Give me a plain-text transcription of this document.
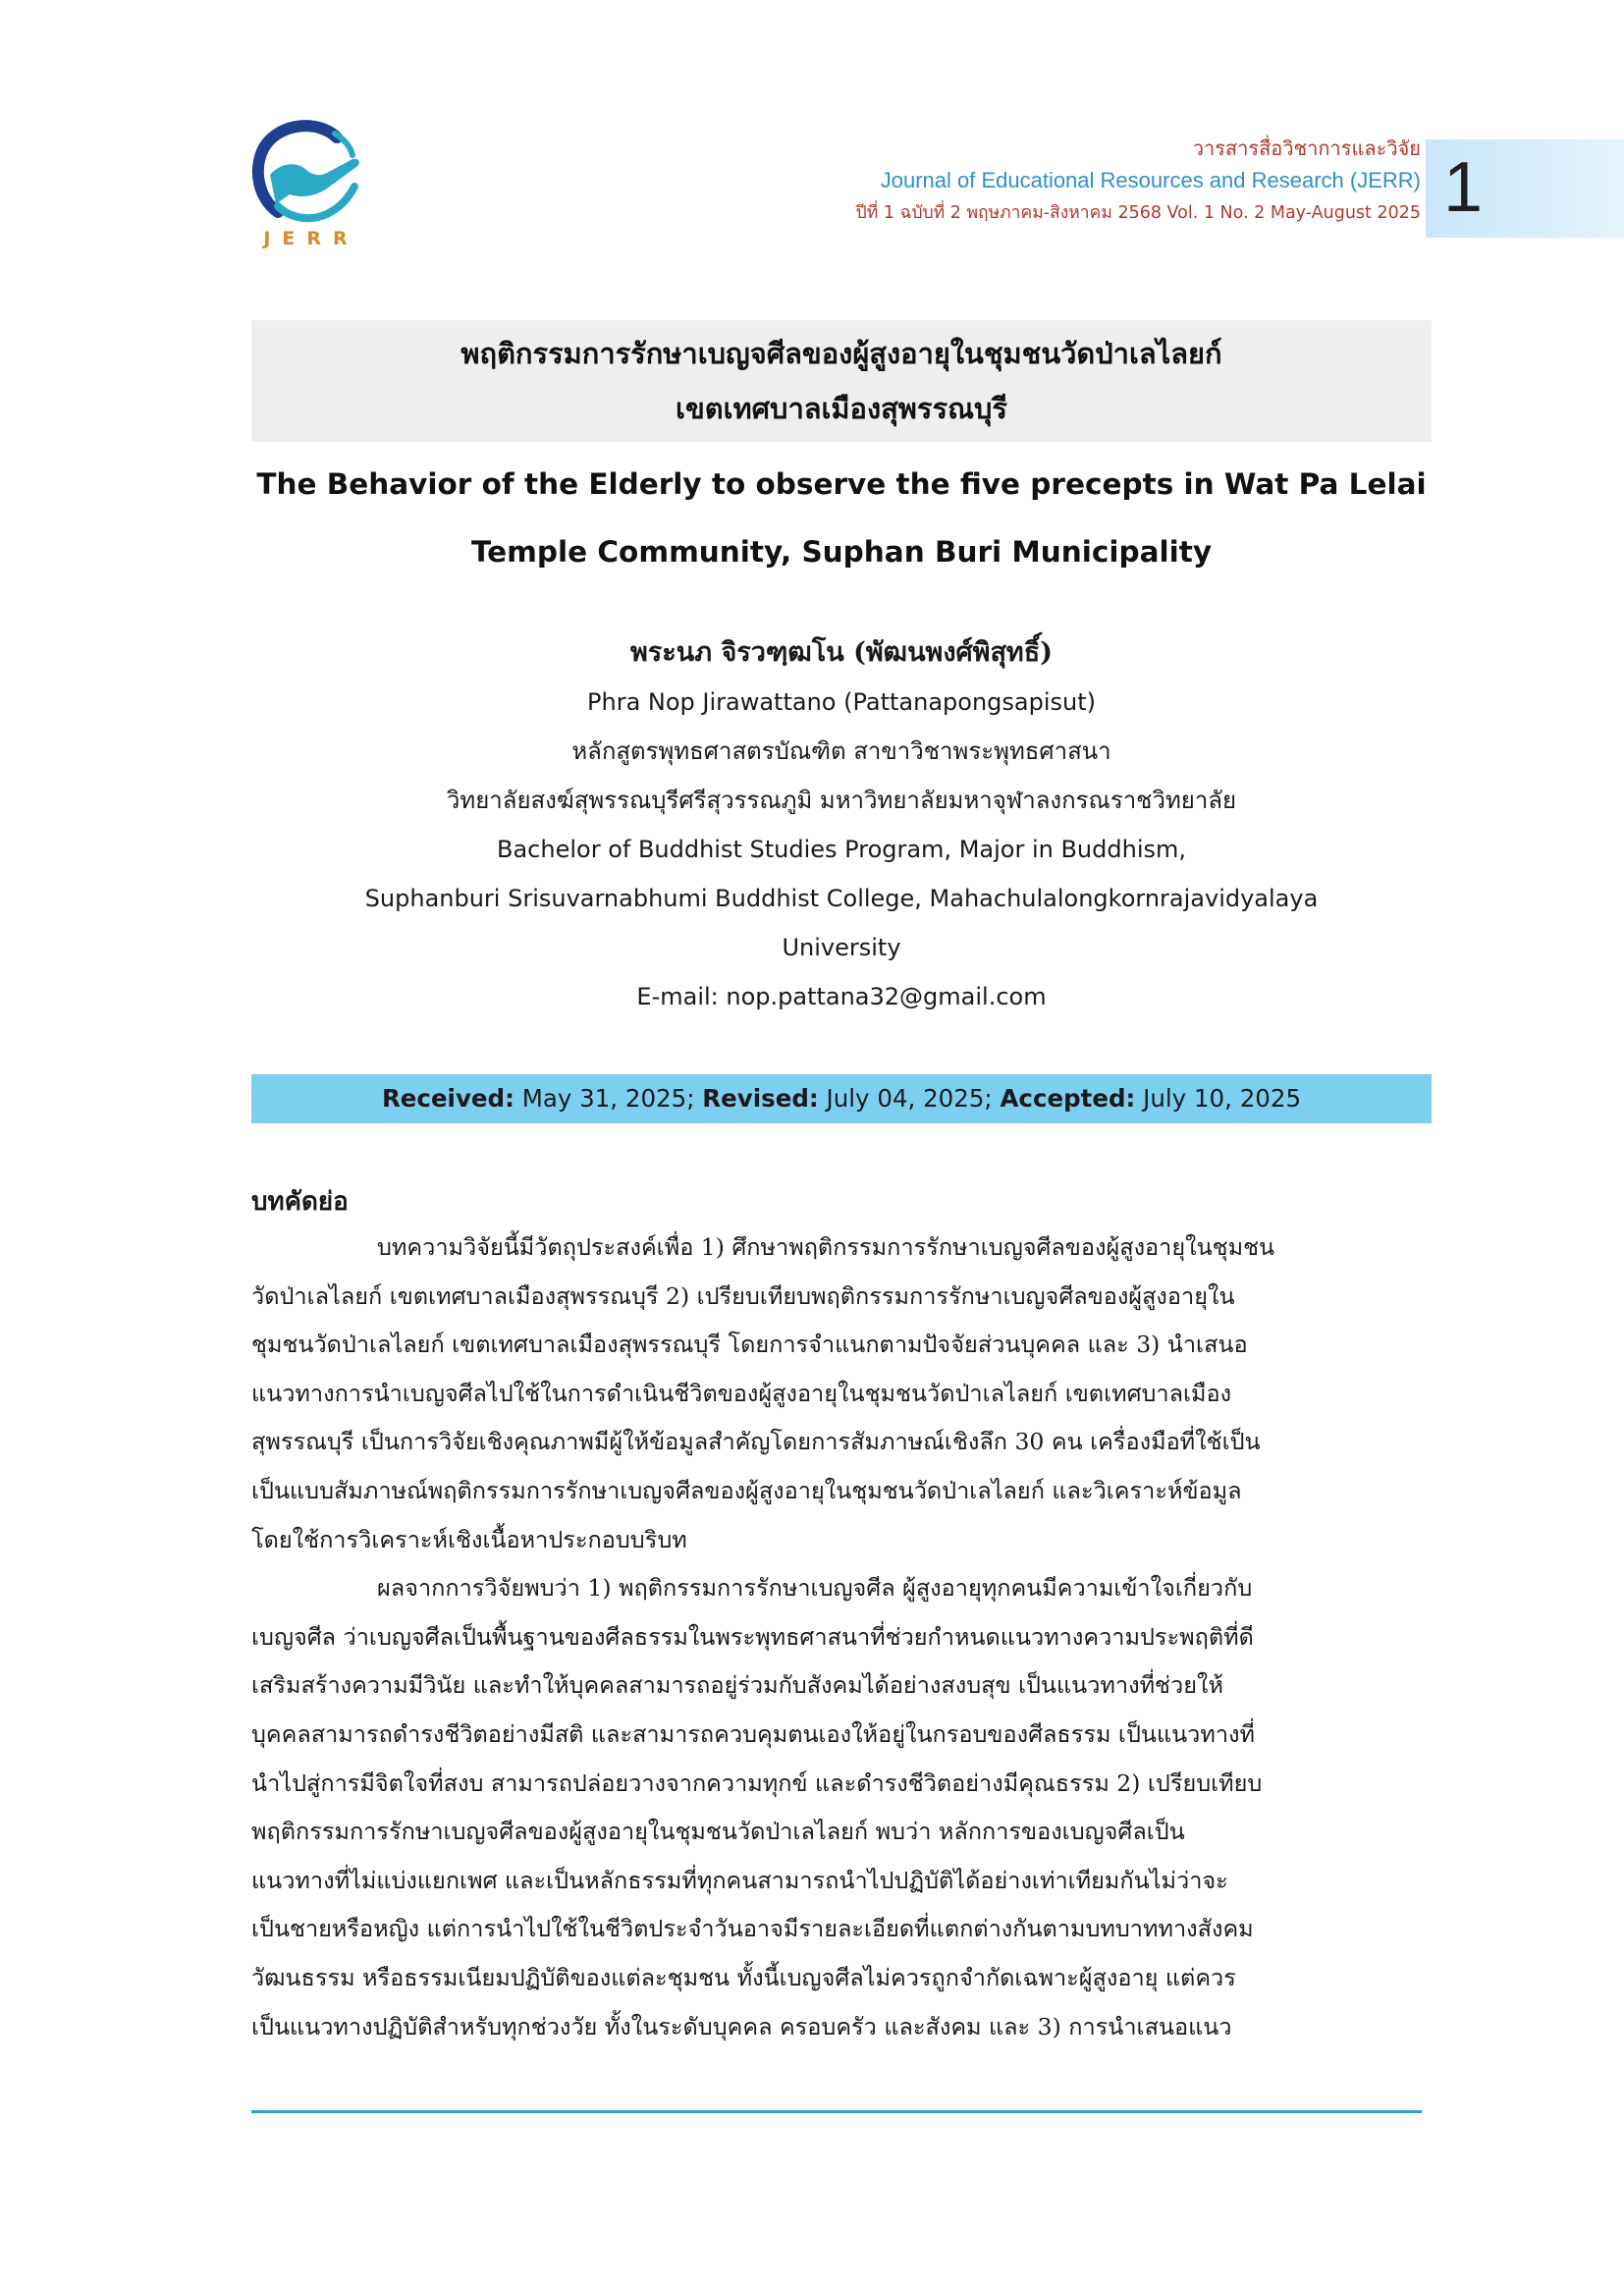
JERR
วารสารสื่อวิชาการและวิจัย
Journal of Educational Resources and Research (JERR)
ปีที่ 1 ฉบับที่ 2 พฤษภาคม-สิงหาคม 2568 Vol. 1 No. 2 May-August 2025 1
พฤติกรรมการรักษาเบญจศีลของผู้สูงอายุในชุมชนวัดป่าเลไลยก์
เขตเทศบาลเมืองสุพรรณบุรี
The Behavior of the Elderly to observe the five precepts in Wat Pa Lelai
Temple Community, Suphan Buri Municipality
พระนภ จิรวฑฺฒโน (พัฒนพงศ์พิสุทธิ์)
Phra Nop Jirawattano (Pattanapongsapisut)
หลักสูตรพุทธศาสตรบัณฑิต สาขาวิชาพระพุทธศาสนา
วิทยาลัยสงฆ์สุพรรณบุรีศรีสุวรรณภูมิ มหาวิทยาลัยมหาจุฬาลงกรณราชวิทยาลัย
Bachelor of Buddhist Studies Program, Major in Buddhism,
Suphanburi Srisuvarnabhumi Buddhist College, Mahachulalongkornrajavidyalaya
University
E-mail: nop.pattana32@gmail.com
Received: May 31, 2025; Revised: July 04, 2025; Accepted: July 10, 2025
บทคัดย่อ
บทความวิจัยนี้มีวัตถุประสงค์เพื่อ 1) ศึกษาพฤติกรรมการรักษาเบญจศีลของผู้สูงอายุในชุมชน
วัดป่าเลไลยก์ เขตเทศบาลเมืองสุพรรณบุรี 2) เปรียบเทียบพฤติกรรมการรักษาเบญจศีลของผู้สูงอายุใน
ชุมชนวัดป่าเลไลยก์ เขตเทศบาลเมืองสุพรรณบุรี โดยการจำแนกตามปัจจัยส่วนบุคคล และ 3) นำเสนอ
แนวทางการนำเบญจศีลไปใช้ในการดำเนินชีวิตของผู้สูงอายุในชุมชนวัดป่าเลไลยก์ เขตเทศบาลเมือง
สุพรรณบุรี เป็นการวิจัยเชิงคุณภาพมีผู้ให้ข้อมูลสำคัญโดยการสัมภาษณ์เชิงลึก 30 คน เครื่องมือที่ใช้เป็น
เป็นแบบสัมภาษณ์พฤติกรรมการรักษาเบญจศีลของผู้สูงอายุในชุมชนวัดป่าเลไลยก์ และวิเคราะห์ข้อมูล
โดยใช้การวิเคราะห์เชิงเนื้อหาประกอบบริบท
ผลจากการวิจัยพบว่า 1) พฤติกรรมการรักษาเบญจศีล ผู้สูงอายุทุกคนมีความเข้าใจเกี่ยวกับ
เบญจศีล ว่าเบญจศีลเป็นพื้นฐานของศีลธรรมในพระพุทธศาสนาที่ช่วยกำหนดแนวทางความประพฤติที่ดี
เสริมสร้างความมีวินัย และทำให้บุคคลสามารถอยู่ร่วมกับสังคมได้อย่างสงบสุข เป็นแนวทางที่ช่วยให้
บุคคลสามารถดำรงชีวิตอย่างมีสติ และสามารถควบคุมตนเองให้อยู่ในกรอบของศีลธรรม เป็นแนวทางที่
นำไปสู่การมีจิตใจที่สงบ สามารถปล่อยวางจากความทุกข์ และดำรงชีวิตอย่างมีคุณธรรม 2) เปรียบเทียบ
พฤติกรรมการรักษาเบญจศีลของผู้สูงอายุในชุมชนวัดป่าเลไลยก์ พบว่า หลักการของเบญจศีลเป็น
แนวทางที่ไม่แบ่งแยกเพศ และเป็นหลักธรรมที่ทุกคนสามารถนำไปปฏิบัติได้อย่างเท่าเทียมกันไม่ว่าจะ
เป็นชายหรือหญิง แต่การนำไปใช้ในชีวิตประจำวันอาจมีรายละเอียดที่แตกต่างกันตามบทบาททางสังคม
วัฒนธรรม หรือธรรมเนียมปฏิบัติของแต่ละชุมชน ทั้งนี้เบญจศีลไม่ควรถูกจำกัดเฉพาะผู้สูงอายุ แต่ควร
เป็นแนวทางปฏิบัติสำหรับทุกช่วงวัย ทั้งในระดับบุคคล ครอบครัว และสังคม และ 3) การนำเสนอแนว
